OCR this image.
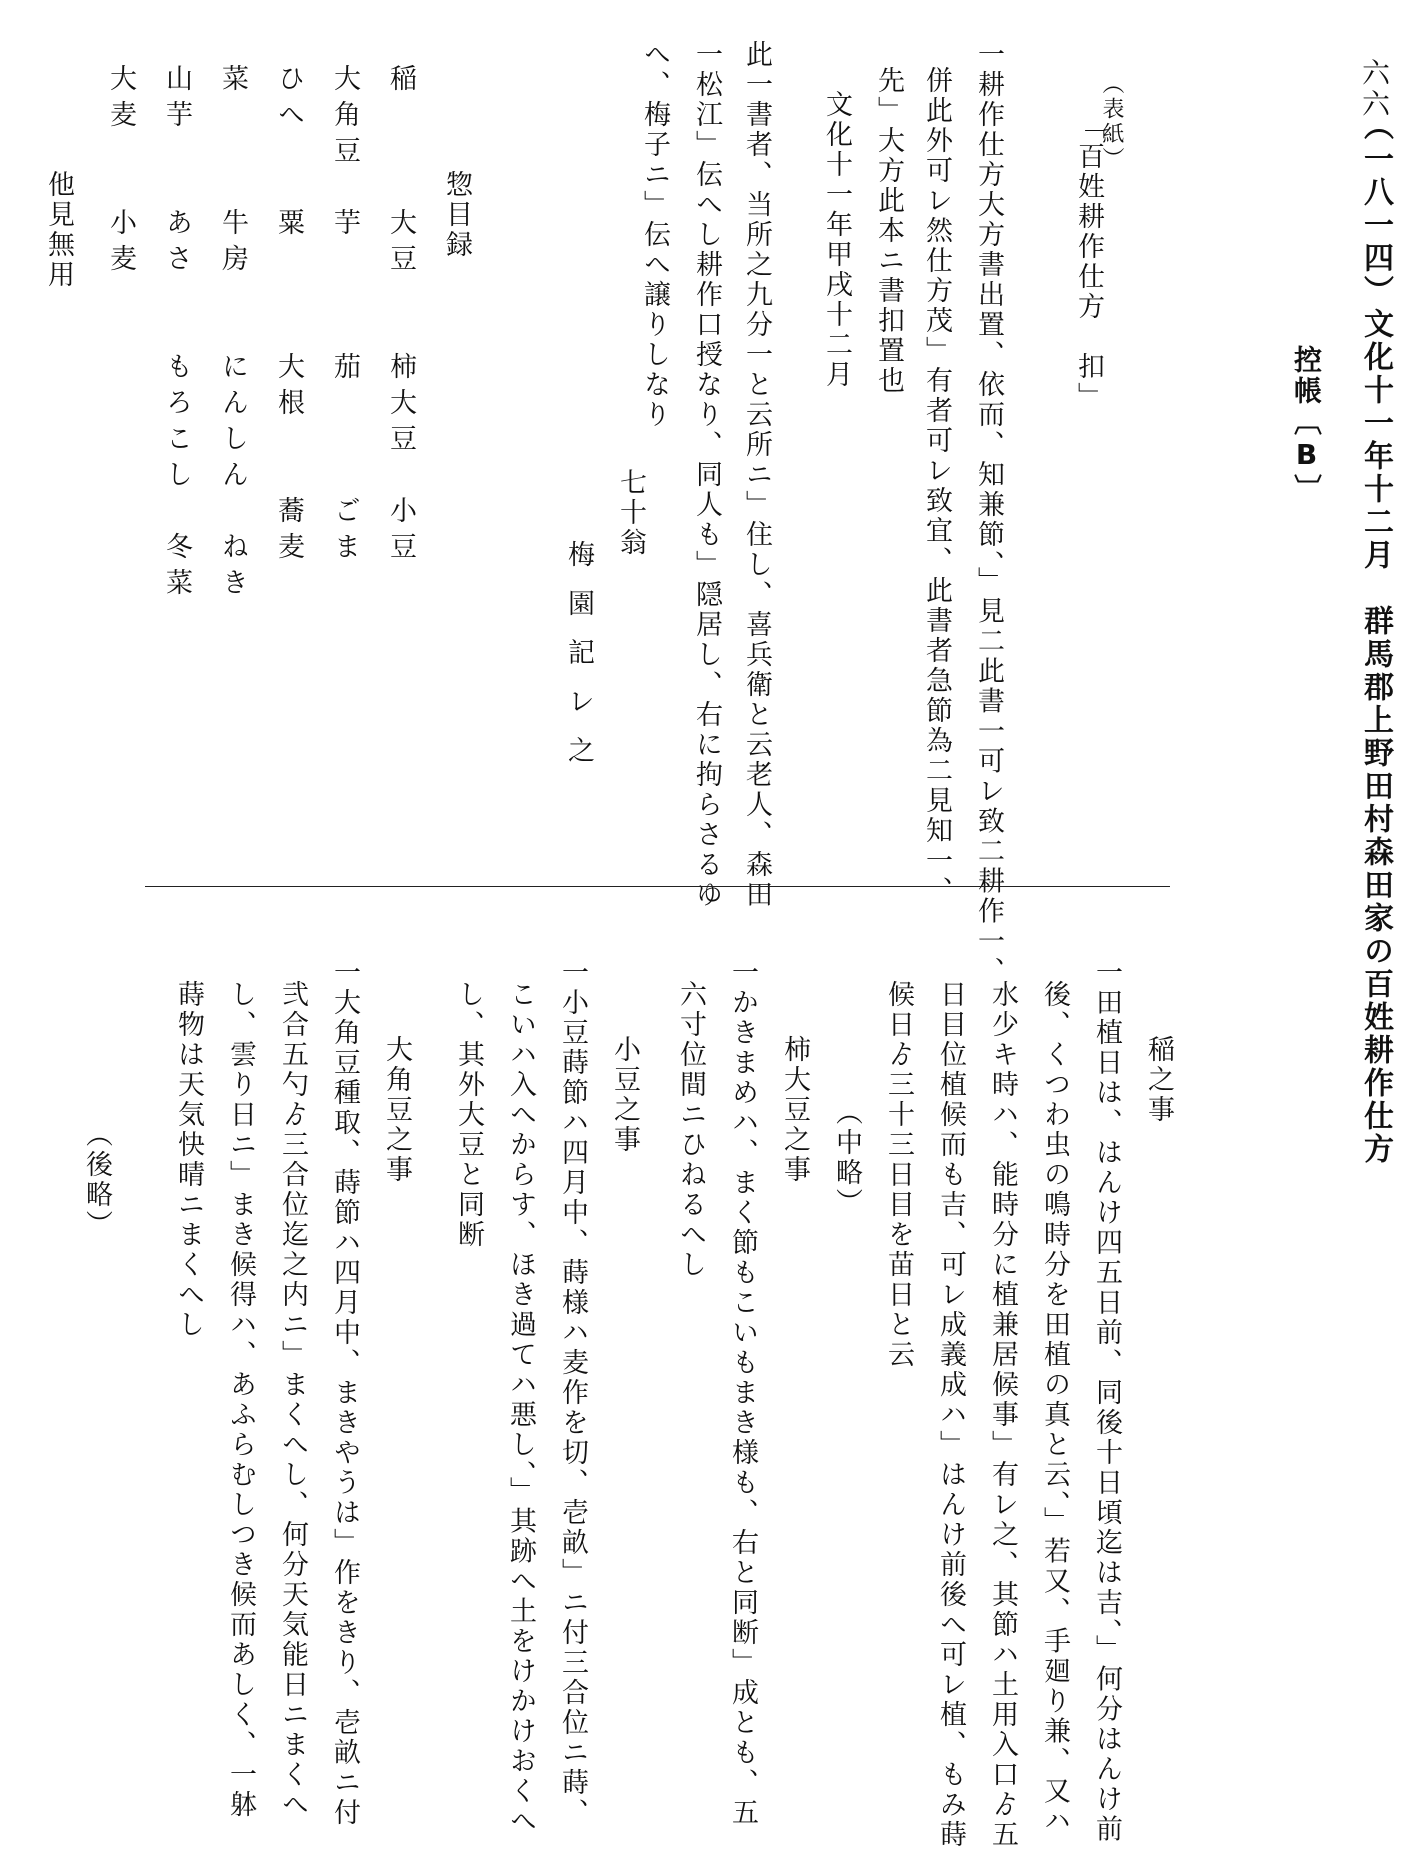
六六
（一八一四）文化十一年十二月　群馬郡上野田村森田家の百姓耕作仕方
控帳〔B〕
（表紙）
「百姓耕作仕方　扣」
一耕作仕方大方書出置、依而、知兼節、」見二此書一可レ致二耕作一、
併此外可レ然仕方茂」有者可レ致宜、此書者急節為二見知一、
先」大方此本ニ書扣置也
文化十一年甲戌十二月
此一書者、当所之九分一と云所ニ」住し、喜兵衛と云老人、森田
一松江」伝へし耕作口授なり、同人も」隠居し、右に拘らさるゆ
へ、梅子ニ」伝へ譲りしなり
七十翁
梅園記レ之
惣目録
稲　　　大豆　　柿大豆　小豆
大角豆　芋　　　茄　　　ごま
ひへ　　粟　　　大根　　蕎麦
菜　　　牛房　　にんしん　ねき
山芋　　あさ　　もろこし　冬菜
大麦　　小麦
他見無用
稲之事
一田植日は、はんけ四五日前、同後十日頃迄は吉、」何分はんけ前
後、くつわ虫の鳴時分を田植の真と云、」若又、手廻り兼、又ハ
水少キ時ハ、能時分に植兼居候事」有レ之、其節ハ土用入口ゟ五
日目位植候而も吉、可レ成義成ハ」はんけ前後へ可レ植、もみ蒔
候日ゟ三十三日目を苗日と云
（中略）
柿大豆之事
一かきまめハ、まく節もこいもまき様も、右と同断」成とも、五
六寸位間ニひねるへし
小豆之事
一小豆蒔節ハ四月中、蒔様ハ麦作を切、壱畝」ニ付三合位ニ蒔、
こいハ入へからす、ほき過てハ悪し、」其跡へ土をけかけおくへ
し、其外大豆と同断
大角豆之事
一大角豆種取、蒔節ハ四月中、まきやうは」作をきり、壱畝ニ付
弐合五勺ゟ三合位迄之内ニ」まくへし、何分天気能日ニまくへ
し、雲り日ニ」まき候得ハ、あふらむしつき候而あしく、一躰
蒔物は天気快晴ニまくへし
（後略）
